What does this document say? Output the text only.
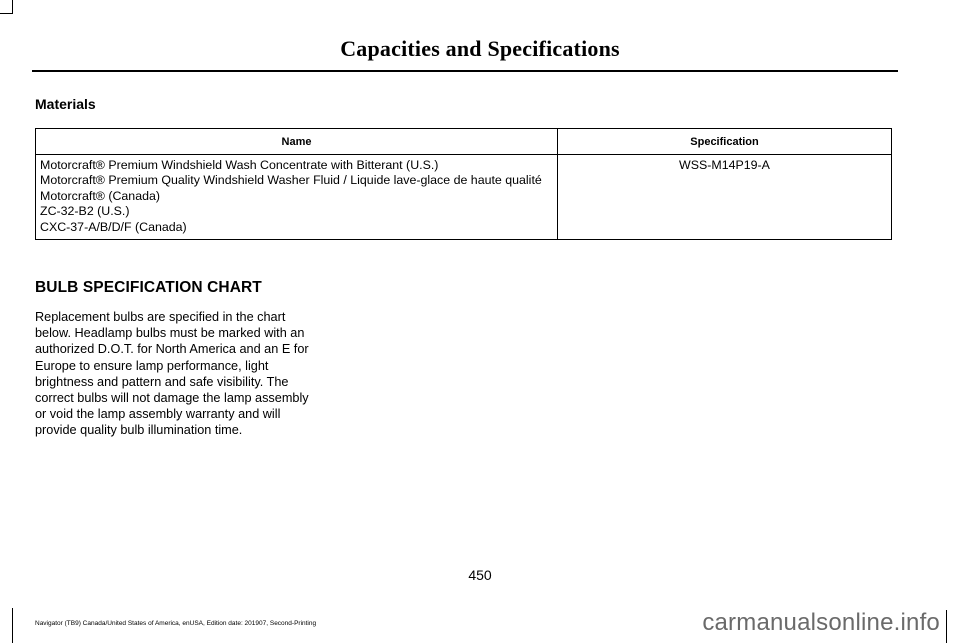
Capacities and Specifications
Materials
Name	Specification

Motorcraft® Premium Windshield Wash Concentrate with Bitterant (U.S.)
Motorcraft® Premium Quality Windshield Washer Fluid / Liquide lave-glace de haute qualité Motorcraft® (Canada)
ZC-32-B2 (U.S.)
CXC-37-A/B/D/F (Canada)	WSS-M14P19-A
BULB SPECIFICATION CHART
Replacement bulbs are specified in the chart below. Headlamp bulbs must be marked with an authorized D.O.T. for North America and an E for Europe to ensure lamp performance, light brightness and pattern and safe visibility. The correct bulbs will not damage the lamp assembly or void the lamp assembly warranty and will provide quality bulb illumination time.
450
Navigator (TB9) Canada/United States of America, enUSA, Edition date: 201907, Second-Printing	carmanualsonline.info
